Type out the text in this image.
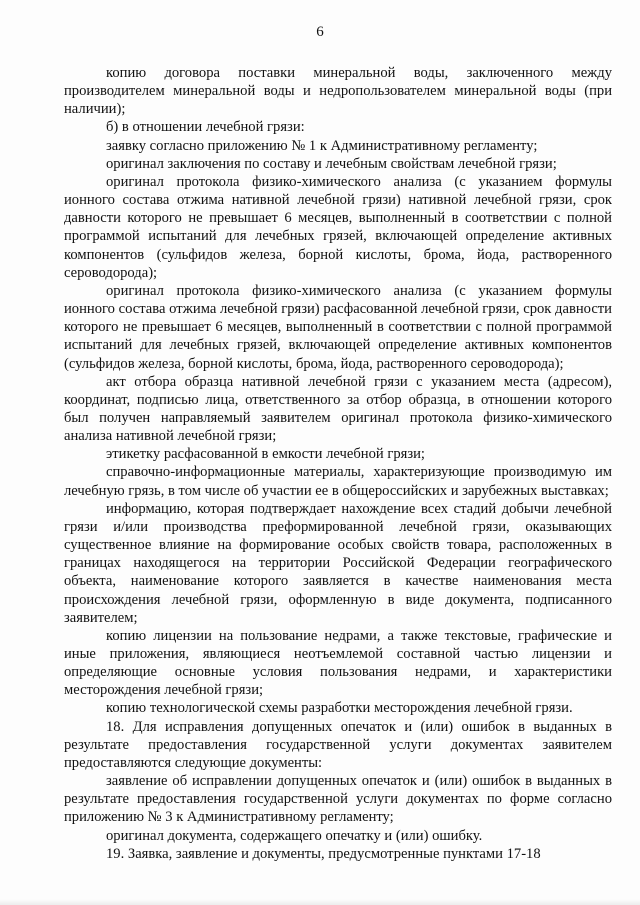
6

копию договора поставки минеральной воды, заключенного между производителем минеральной воды и недропользователем минеральной воды (при наличии);

б) в отношении лечебной грязи:

заявку согласно приложению № 1 к Административному регламенту;

оригинал заключения по составу и лечебным свойствам лечебной грязи;

оригинал протокола физико-химического анализа (с указанием формулы ионного состава отжима нативной лечебной грязи) нативной лечебной грязи, срок давности которого не превышает 6 месяцев, выполненный в соответствии с полной программой испытаний для лечебных грязей, включающей определение активных компонентов (сульфидов железа, борной кислоты, брома, йода, растворенного сероводорода);

оригинал протокола физико-химического анализа (с указанием формулы ионного состава отжима лечебной грязи) расфасованной лечебной грязи, срок давности которого не превышает 6 месяцев, выполненный в соответствии с полной программой испытаний для лечебных грязей, включающей определение активных компонентов (сульфидов железа, борной кислоты, брома, йода, растворенного сероводорода);

акт отбора образца нативной лечебной грязи с указанием места (адресом), координат, подписью лица, ответственного за отбор образца, в отношении которого был получен направляемый заявителем оригинал протокола физико-химического анализа нативной лечебной грязи;

этикетку расфасованной в емкости лечебной грязи;

справочно-информационные материалы, характеризующие производимую им лечебную грязь, в том числе об участии ее в общероссийских и зарубежных выставках;

информацию, которая подтверждает нахождение всех стадий добычи лечебной грязи и/или производства преформированной лечебной грязи, оказывающих существенное влияние на формирование особых свойств товара, расположенных в границах находящегося на территории Российской Федерации географического объекта, наименование которого заявляется в качестве наименования места происхождения лечебной грязи, оформленную в виде документа, подписанного заявителем;

копию лицензии на пользование недрами, а также текстовые, графические и иные приложения, являющиеся неотъемлемой составной частью лицензии и определяющие основные условия пользования недрами, и характеристики месторождения лечебной грязи;

копию технологической схемы разработки месторождения лечебной грязи.

18. Для исправления допущенных опечаток и (или) ошибок в выданных в результате предоставления государственной услуги документах заявителем предоставляются следующие документы:

заявление об исправлении допущенных опечаток и (или) ошибок в выданных в результате предоставления государственной услуги документах по форме согласно приложению № 3 к Административному регламенту;

оригинал документа, содержащего опечатку и (или) ошибку.

19. Заявка, заявление и документы, предусмотренные пунктами 17-18
